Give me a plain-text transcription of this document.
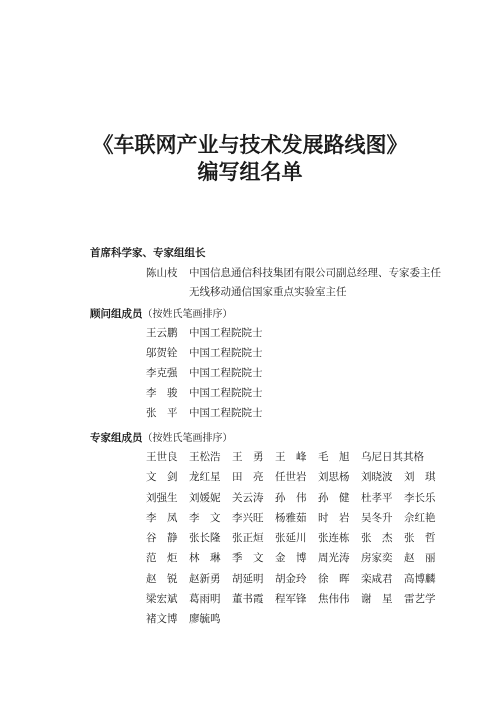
《车联网产业与技术发展路线图》
编写组名单
首席科学家、专家组组长
陈山枝 中国信息通信科技集团有限公司副总经理、专家委主任
无线移动通信国家重点实验室主任
顾问组成员（按姓氏笔画排序）
王云鹏 中国工程院院士
邬贺铨 中国工程院院士
李克强 中国工程院院士
李　骏 中国工程院院士
张　平 中国工程院院士
专家组成员（按姓氏笔画排序）
王世良	王松浩	王　勇	王　峰	毛　旭	乌尼日其其格
文　剑	龙红星	田　亮	任世岩	刘思杨	刘晓波	刘　琪
刘强生	刘媛妮	关云涛	孙　伟	孙　健	杜孝平	李长乐
李　凤	李　文	李兴旺	杨雅茹	时　岩	吴冬升	佘红艳
谷　静	张长隆	张正烜	张延川	张连栋	张　杰	张　哲
范　炬	林　琳	季　文	金　博	周光涛	房家奕	赵　丽
赵　锐	赵新勇	胡延明	胡金玲	徐　晖	栾咸君	高博麟
梁宏斌	葛雨明	董书霞	程军锋	焦伟伟	谢　星	雷艺学
褚文博	廖毓鸣
